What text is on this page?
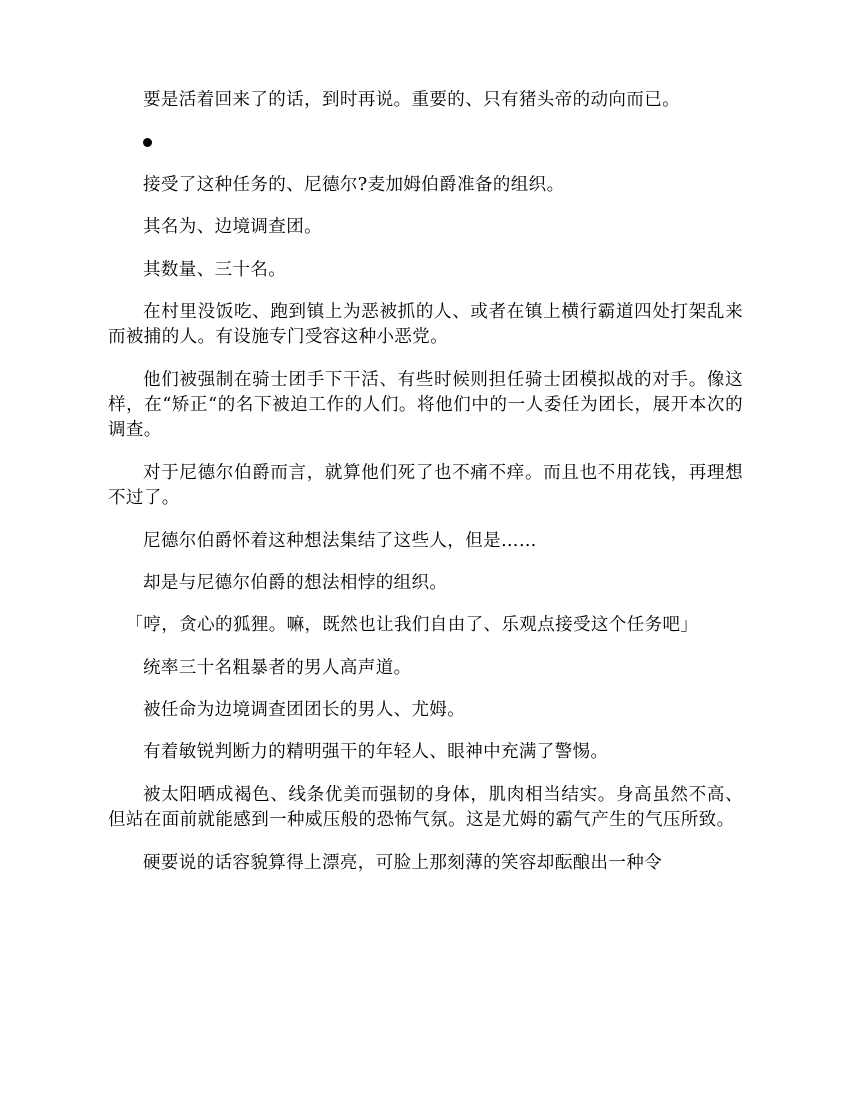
要是活着回来了的话，到时再说。重要的、只有猪头帝的动向而已。

接受了这种任务的、尼德尔?麦加姆伯爵准备的组织。

其名为、边境调查团。

其数量、三十名。

在村里没饭吃、跑到镇上为恶被抓的人、或者在镇上横行霸道四处打架乱来而被捕的人。有设施专门受容这种小恶党。

他们被强制在骑士团手下干活、有些时候则担任骑士团模拟战的对手。像这样，在“矫正“的名下被迫工作的人们。将他们中的一人委任为团长，展开本次的调查。

对于尼德尔伯爵而言，就算他们死了也不痛不痒。而且也不用花钱，再理想不过了。

尼德尔伯爵怀着这种想法集结了这些人，但是……

却是与尼德尔伯爵的想法相悖的组织。

「哼，贪心的狐狸。嘛，既然也让我们自由了、乐观点接受这个任务吧」

统率三十名粗暴者的男人高声道。

被任命为边境调查团团长的男人、尤姆。

有着敏锐判断力的精明强干的年轻人、眼神中充满了警惕。

被太阳晒成褐色、线条优美而强韧的身体，肌肉相当结实。身高虽然不高、但站在面前就能感到一种威压般的恐怖气氛。这是尤姆的霸气产生的气压所致。

硬要说的话容貌算得上漂亮，可脸上那刻薄的笑容却酝酿出一种令
